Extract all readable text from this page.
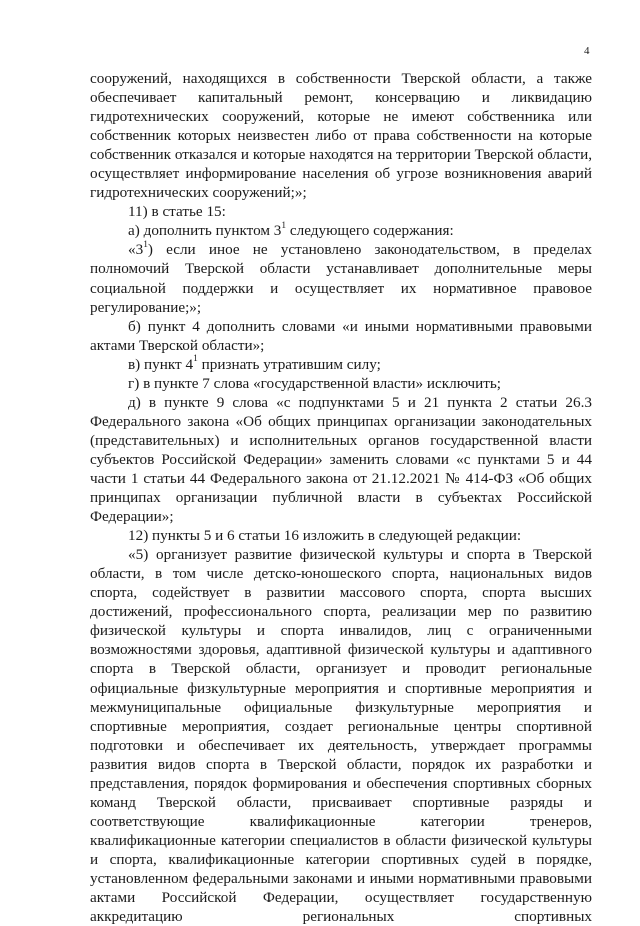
4

сооружений, находящихся в собственности Тверской области, а также обеспечивает капитальный ремонт, консервацию и ликвидацию гидротехнических сооружений, которые не имеют собственника или собственник которых неизвестен либо от права собственности на которые собственник отказался и которые находятся на территории Тверской области, осуществляет информирование населения об угрозе возникновения аварий гидротехнических сооружений;»;

11) в статье 15:

а) дополнить пунктом $3^1$ следующего содержания:

«$3^1$) если иное не установлено законодательством, в пределах полномочий Тверской области устанавливает дополнительные меры социальной поддержки и осуществляет их нормативное правовое регулирование;»;

б) пункт 4 дополнить словами «и иными нормативными правовыми актами Тверской области»;

в) пункт $4^1$ признать утратившим силу;

г) в пункте 7 слова «государственной власти» исключить;

д) в пункте 9 слова «с подпунктами 5 и 21 пункта 2 статьи 26.3 Федерального закона «Об общих принципах организации законодательных (представительных) и исполнительных органов государственной власти субъектов Российской Федерации» заменить словами «с пунктами 5 и 44 части 1 статьи 44 Федерального закона от 21.12.2021 № 414-ФЗ «Об общих принципах организации публичной власти в субъектах Российской Федерации»;

12) пункты 5 и 6 статьи 16 изложить в следующей редакции:

«5) организует развитие физической культуры и спорта в Тверской области, в том числе детско-юношеского спорта, национальных видов спорта, содействует в развитии массового спорта, спорта высших достижений, профессионального спорта, реализации мер по развитию физической культуры и спорта инвалидов, лиц с ограниченными возможностями здоровья, адаптивной физической культуры и адаптивного спорта в Тверской области, организует и проводит региональные официальные физкультурные мероприятия и спортивные мероприятия и межмуниципальные официальные физкультурные мероприятия и спортивные мероприятия, создает региональные центры спортивной подготовки и обеспечивает их деятельность, утверждает программы развития видов спорта в Тверской области, порядок их разработки и представления, порядок формирования и обеспечения спортивных сборных команд Тверской области, присваивает спортивные разряды и соответствующие квалификационные категории тренеров, квалификационные категории специалистов в области физической культуры и спорта, квалификационные категории спортивных судей в порядке, установленном федеральными законами и иными нормативными правовыми актами Российской Федерации, осуществляет государственную аккредитацию региональных спортивных
